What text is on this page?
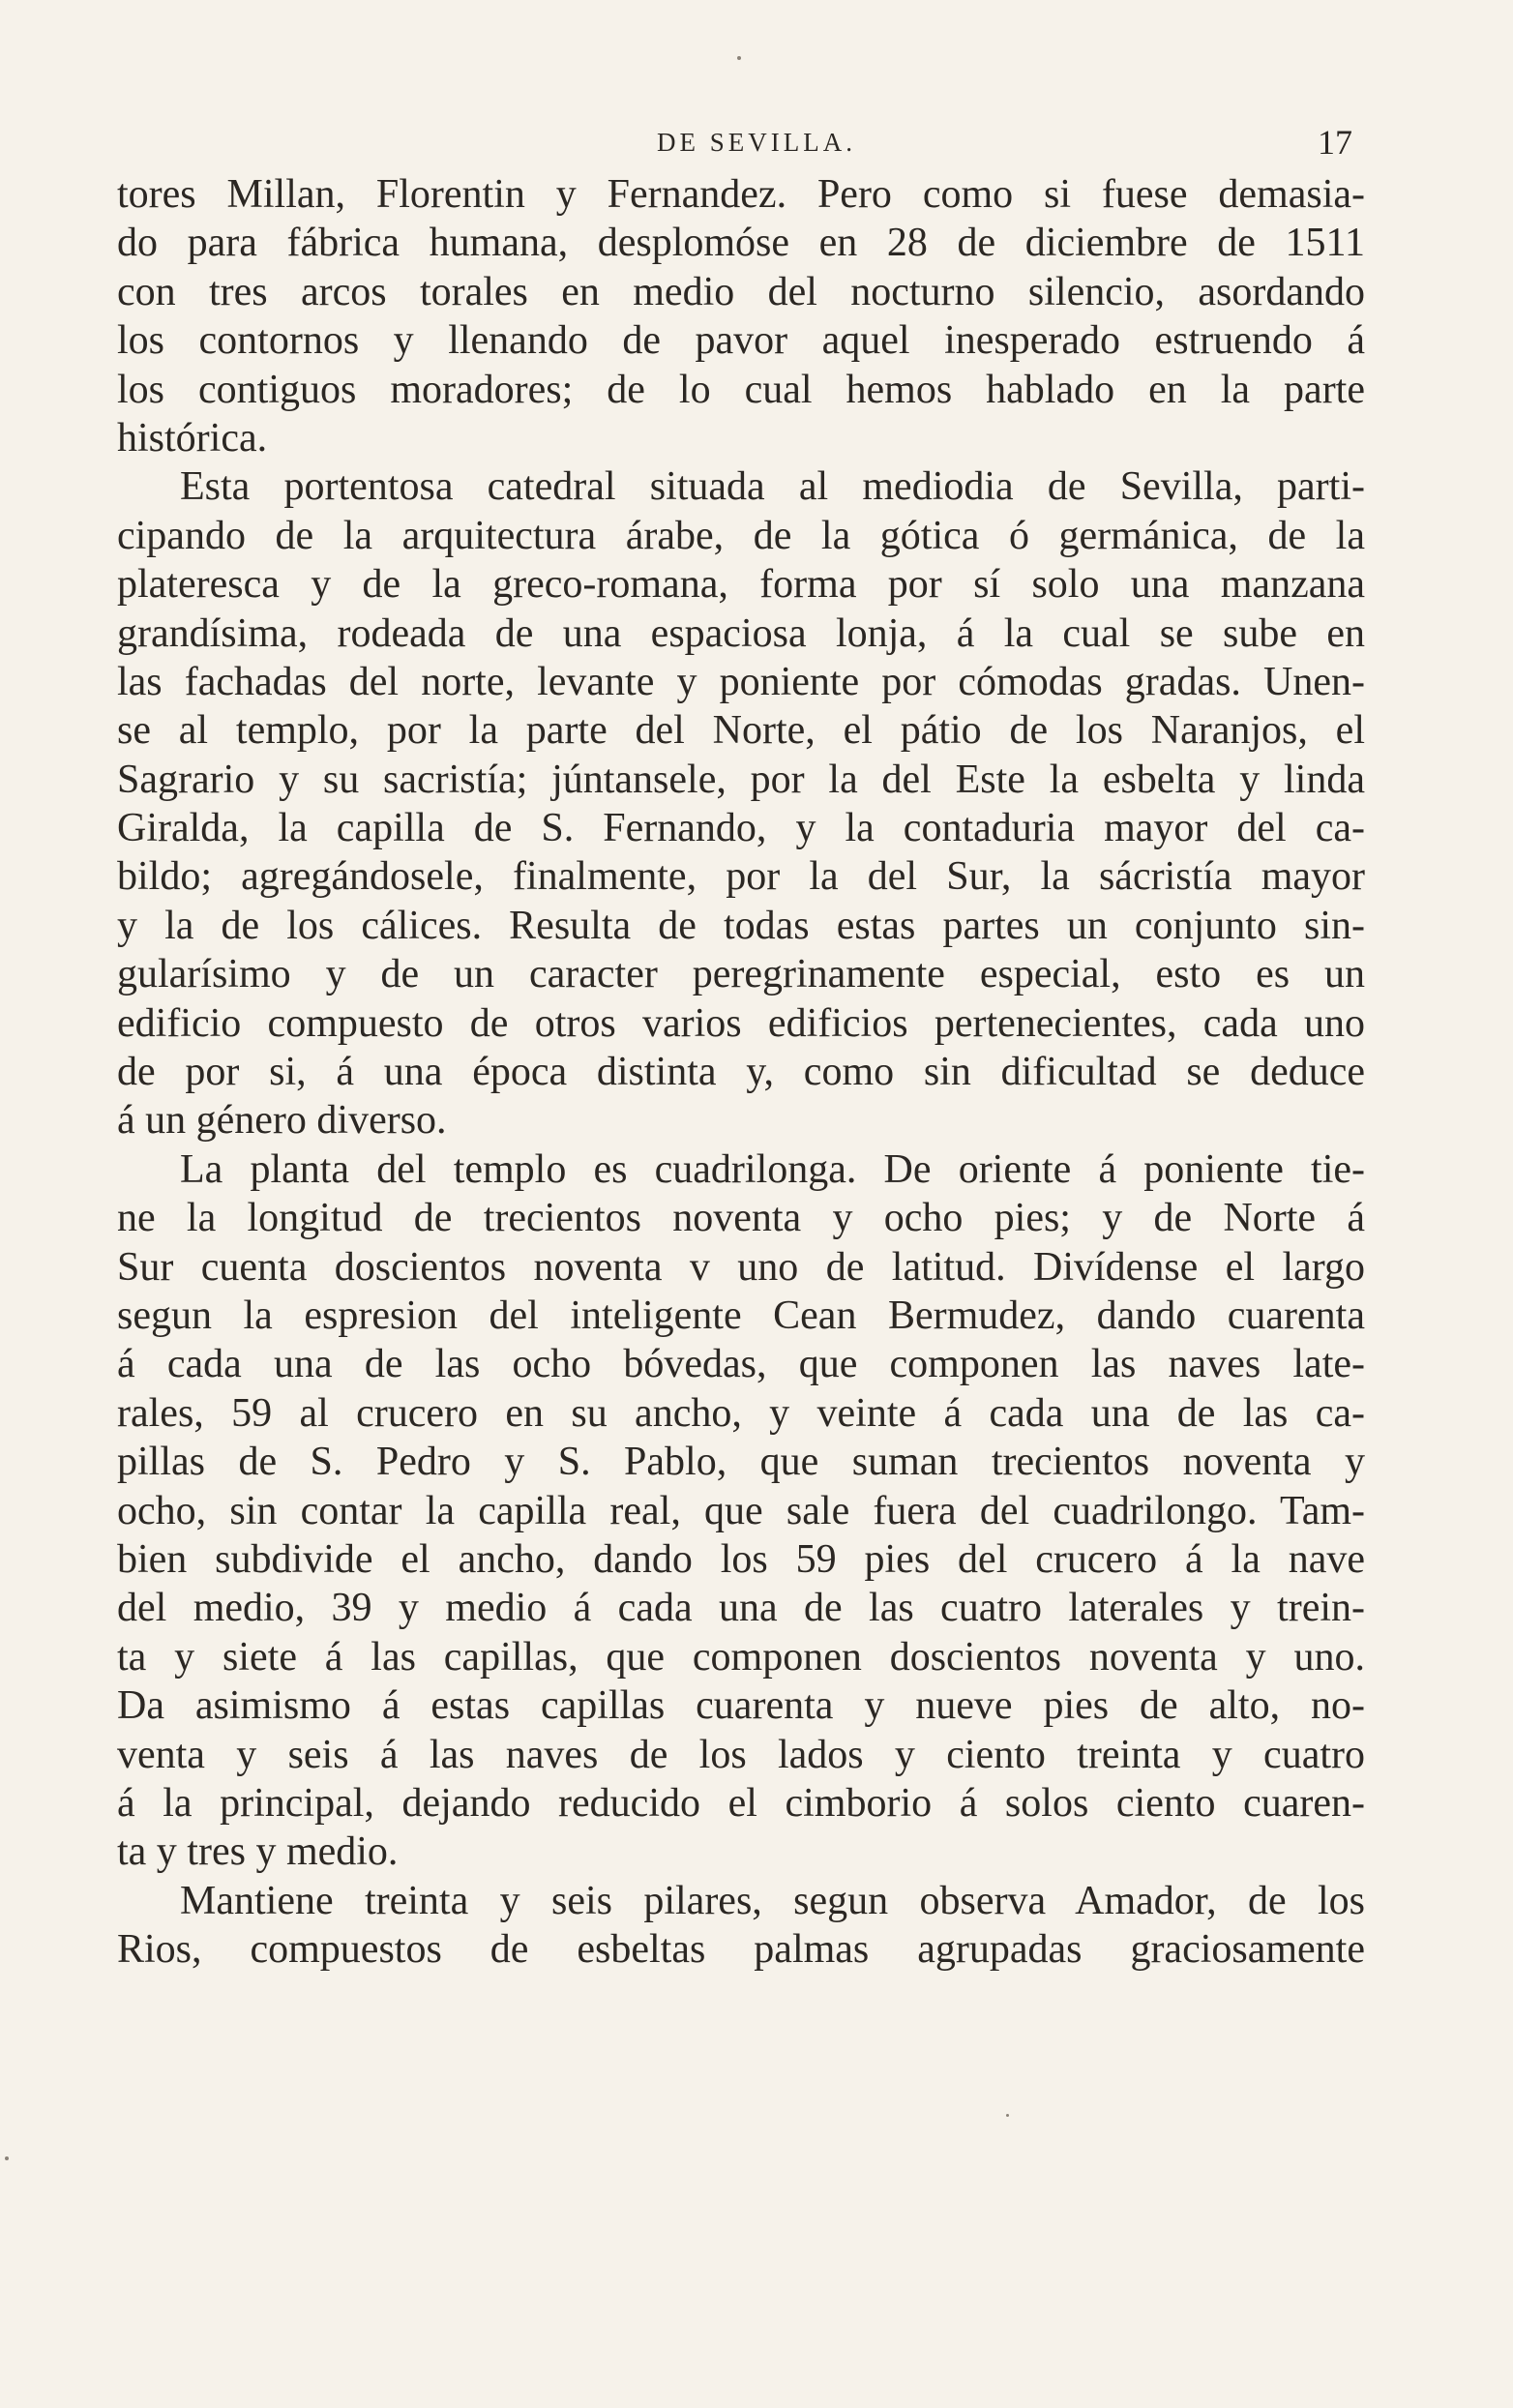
DE SEVILLA.	17
tores Millan, Florentin y Fernandez. Pero como si fuese demasia-
do para fábrica humana, desplomóse en 28 de diciembre de 1511
con tres arcos torales en medio del nocturno silencio, asordando
los contornos y llenando de pavor aquel inesperado estruendo á
los contiguos moradores; de lo cual hemos hablado en la parte
histórica.
Esta portentosa catedral situada al mediodia de Sevilla, parti-
cipando de la arquitectura árabe, de la gótica ó germánica, de la
plateresca y de la greco-romana, forma por sí solo una manzana
grandísima, rodeada de una espaciosa lonja, á la cual se sube en
las fachadas del norte, levante y poniente por cómodas gradas. Unen-
se al templo, por la parte del Norte, el pátio de los Naranjos, el
Sagrario y su sacristía; júntansele, por la del Este la esbelta y linda
Giralda, la capilla de S. Fernando, y la contaduria mayor del ca-
bildo; agregándosele, finalmente, por la del Sur, la sácristía mayor
y la de los cálices. Resulta de todas estas partes un conjunto sin-
gularísimo y de un caracter peregrinamente especial, esto es un
edificio compuesto de otros varios edificios pertenecientes, cada uno
de por si, á una época distinta y, como sin dificultad se deduce
á un género diverso.
La planta del templo es cuadrilonga. De oriente á poniente tie-
ne la longitud de trecientos noventa y ocho pies; y de Norte á
Sur cuenta doscientos noventa v uno de latitud. Divídense el largo
segun la espresion del inteligente Cean Bermudez, dando cuarenta
á cada una de las ocho bóvedas, que componen las naves late-
rales, 59 al crucero en su ancho, y veinte á cada una de las ca-
pillas de S. Pedro y S. Pablo, que suman trecientos noventa y
ocho, sin contar la capilla real, que sale fuera del cuadrilongo. Tam-
bien subdivide el ancho, dando los 59 pies del crucero á la nave
del medio, 39 y medio á cada una de las cuatro laterales y trein-
ta y siete á las capillas, que componen doscientos noventa y uno.
Da asimismo á estas capillas cuarenta y nueve pies de alto, no-
venta y seis á las naves de los lados y ciento treinta y cuatro
á la principal, dejando reducido el cimborio á solos ciento cuaren-
ta y tres y medio.
Mantiene treinta y seis pilares, segun observa Amador, de los
Rios, compuestos de esbeltas palmas agrupadas graciosamente
